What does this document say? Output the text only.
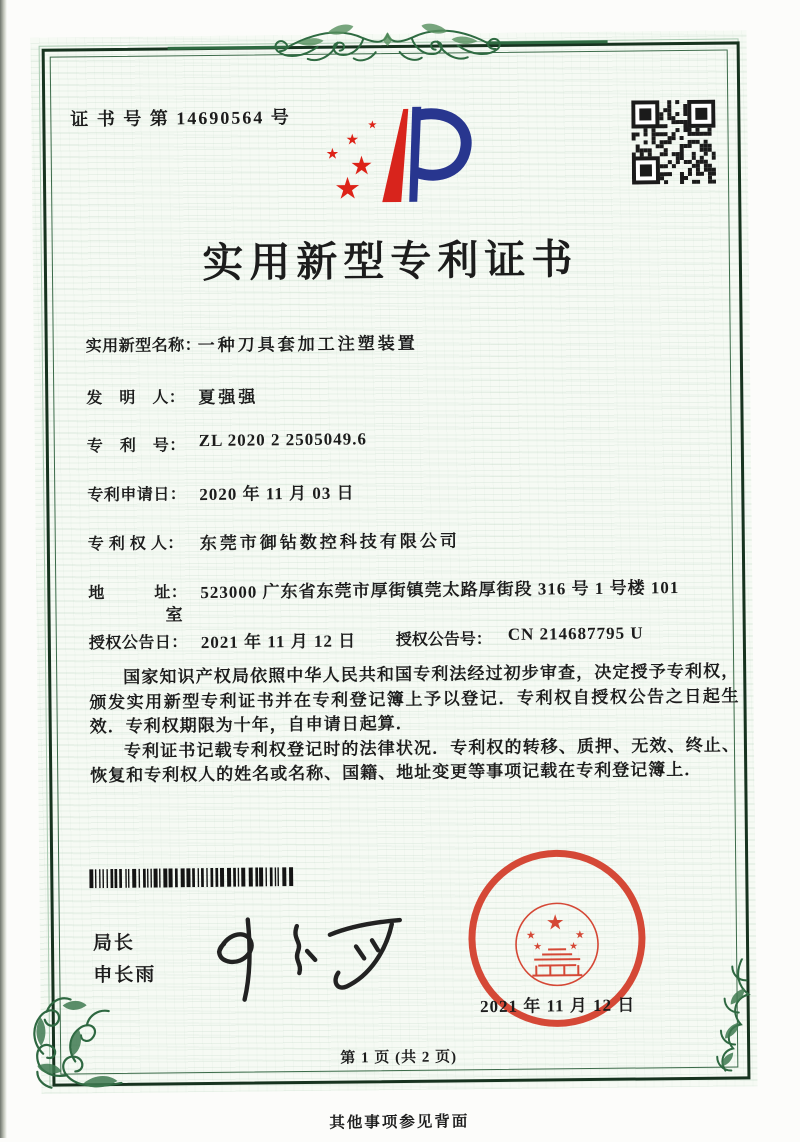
证 书 号 第 14690564 号
★
★
★
★
★
实用新型专利证书
实用新型名称：
一种刀具套加工注塑装置
发　明　人： 夏强强
专　利　号： ZL 2020 2 2505049.6
专利申请日： 2020 年 11 月 03 日
专 利 权 人： 东莞市御钻数控科技有限公司
地　　　址： 523000 广东省东莞市厚街镇莞太路厚街段 316 号 1 号楼 101
室
授权公告日： 2021 年 11 月 12 日 授权公告号： CN 214687795 U

国家知识产权局依照中华人民共和国专利法经过初步审查，决定授予专利权，颁发实用新型专利证书并在专利登记簿上予以登记．专利权自授权公告之日起生效．专利权期限为十年，自申请日起算．

专利证书记载专利权登记时的法律状况．专利权的转移、质押、无效、终止、恢复和专利权人的姓名或名称、国籍、地址变更等事项记载在专利登记簿上．

局长
申长雨
★
★	★
★	★
2021 年 11 月 12 日
第 1 页 (共 2 页)
其他事项参见背面
